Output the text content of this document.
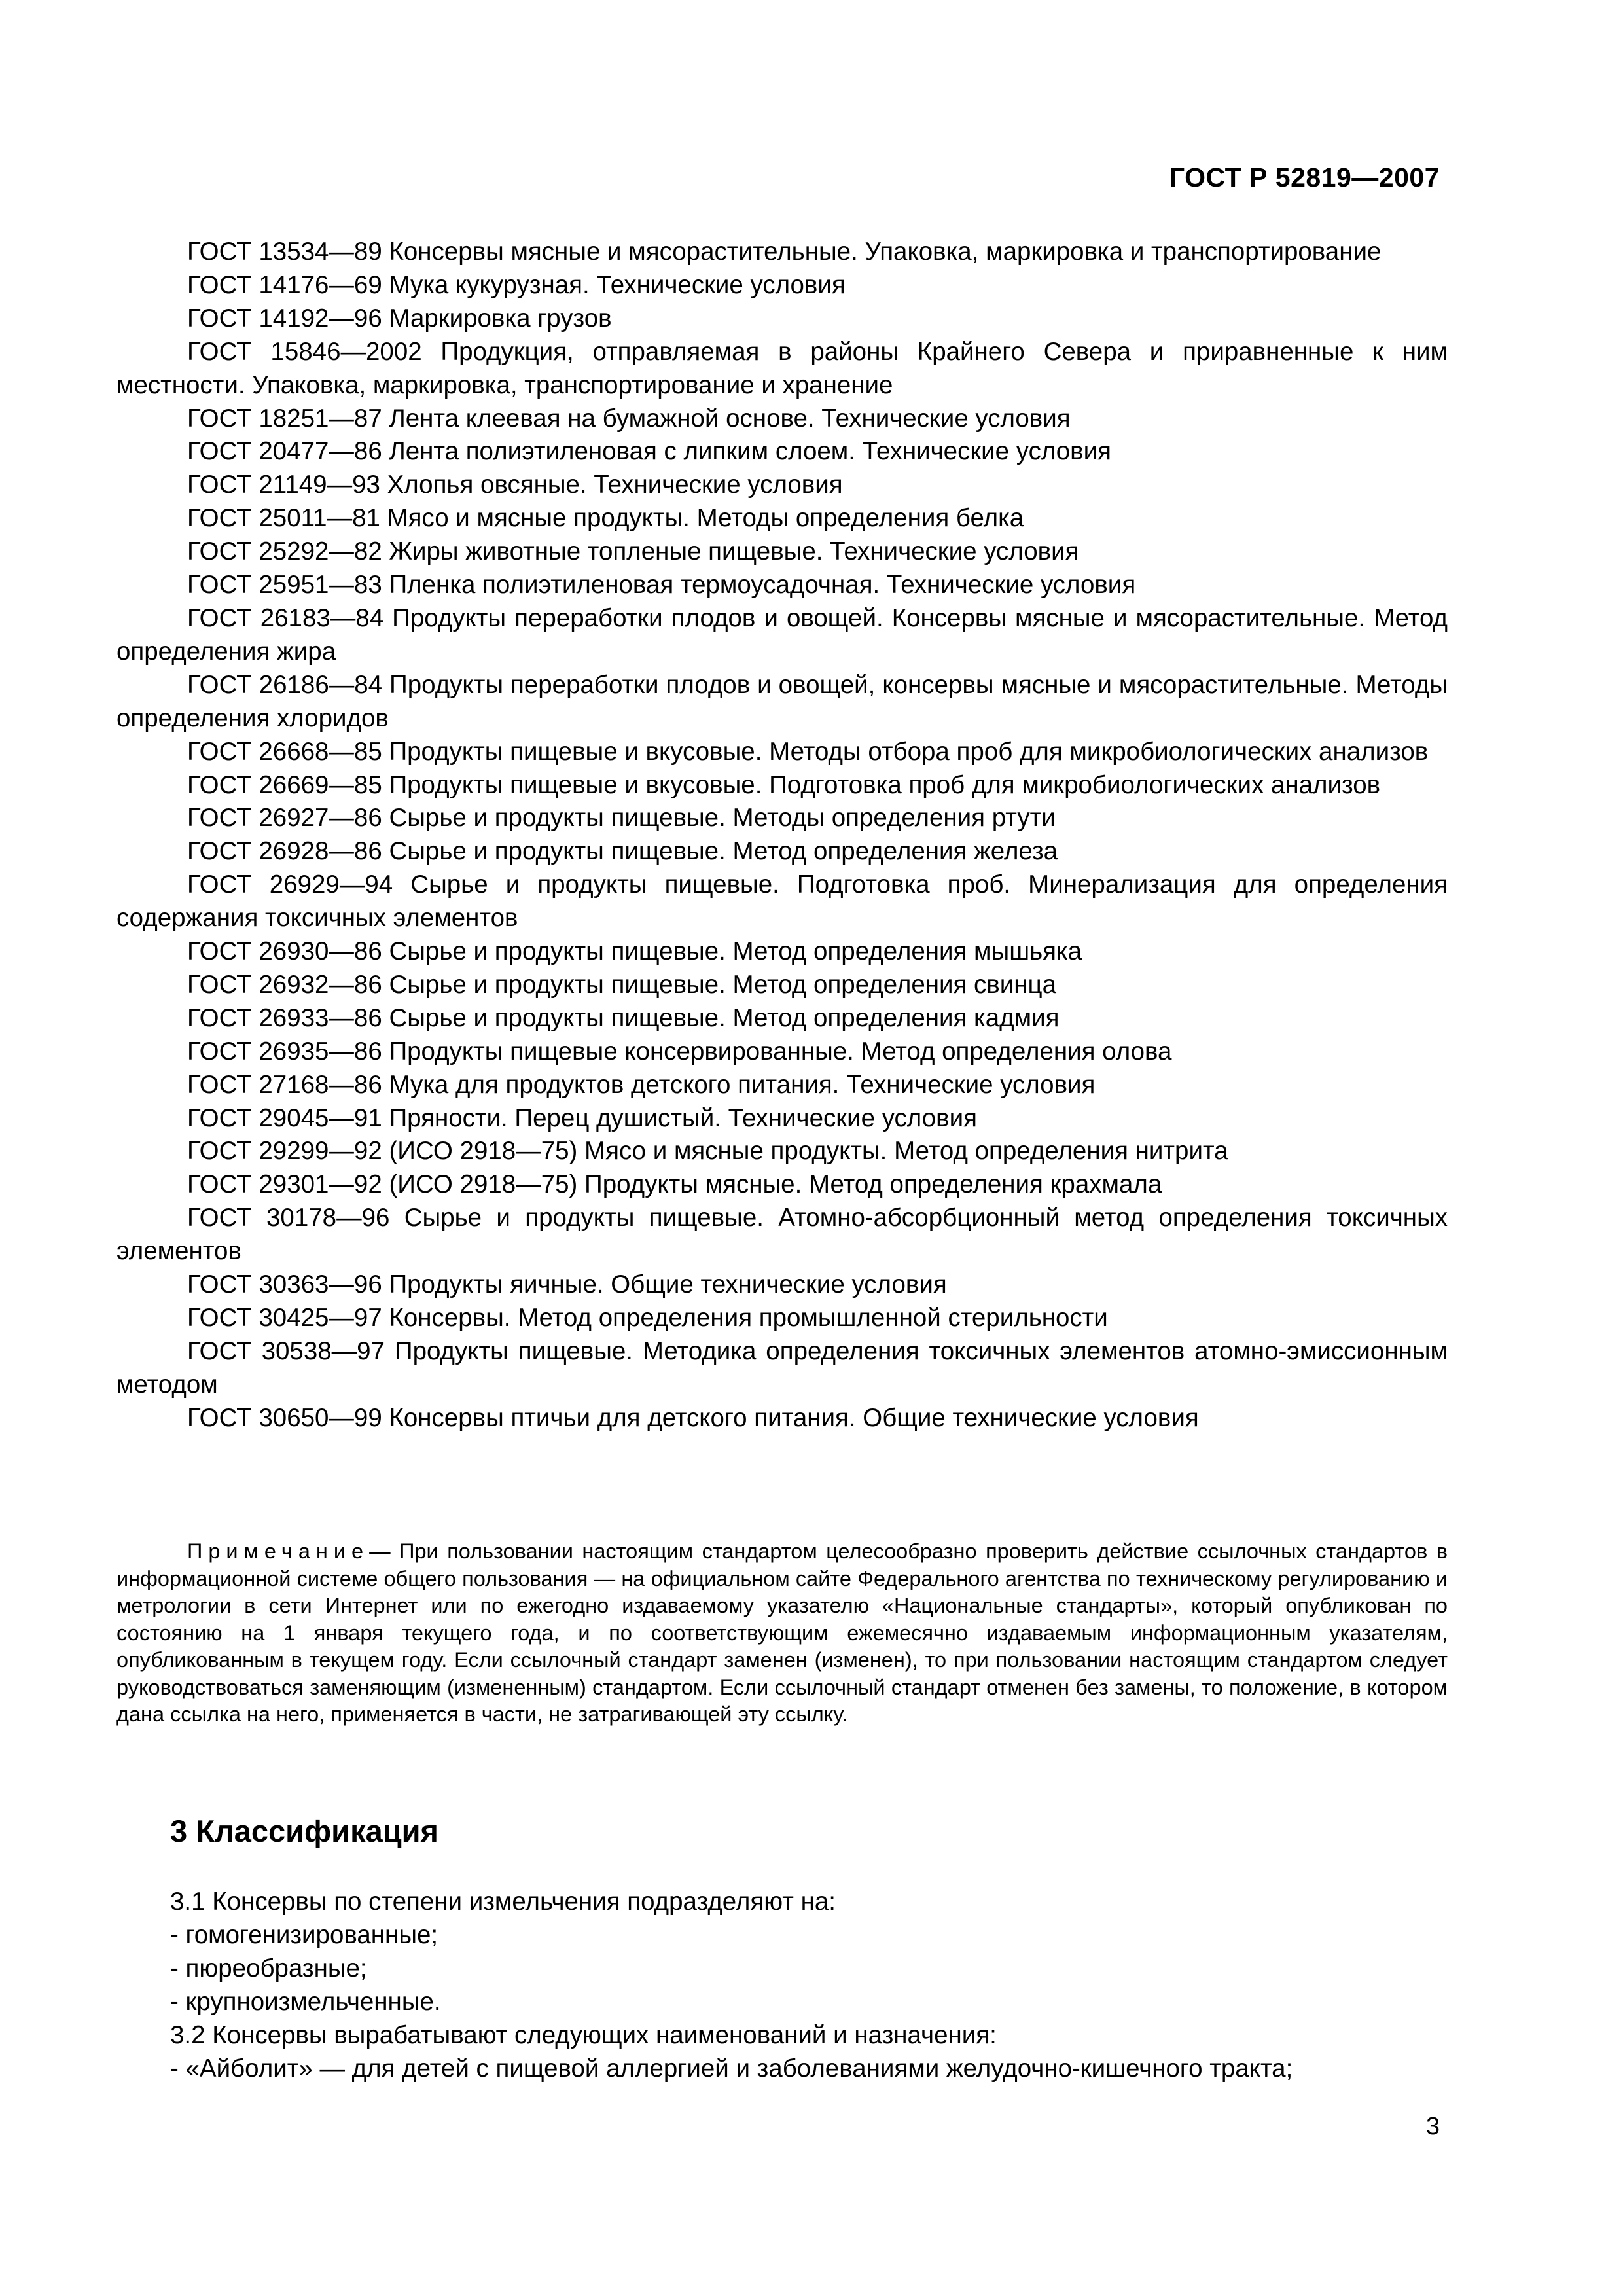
ГОСТ Р 52819—2007

ГОСТ 13534—89 Консервы мясные и мясорастительные. Упаковка, маркировка и транспортирование

ГОСТ 14176—69 Мука кукурузная. Технические условия

ГОСТ 14192—96 Маркировка грузов

ГОСТ 15846—2002 Продукция, отправляемая в районы Крайнего Севера и приравненные к ним местности. Упаковка, маркировка, транспортирование и хранение

ГОСТ 18251—87 Лента клеевая на бумажной основе. Технические условия

ГОСТ 20477—86 Лента полиэтиленовая с липким слоем. Технические условия

ГОСТ 21149—93 Хлопья овсяные. Технические условия

ГОСТ 25011—81 Мясо и мясные продукты. Методы определения белка

ГОСТ 25292—82 Жиры животные топленые пищевые. Технические условия

ГОСТ 25951—83 Пленка полиэтиленовая термоусадочная. Технические условия

ГОСТ 26183—84 Продукты переработки плодов и овощей. Консервы мясные и мясорастительные. Метод определения жира

ГОСТ 26186—84 Продукты переработки плодов и овощей, консервы мясные и мясорастительные. Методы определения хлоридов

ГОСТ 26668—85 Продукты пищевые и вкусовые. Методы отбора проб для микробиологических анализов

ГОСТ 26669—85 Продукты пищевые и вкусовые. Подготовка проб для микробиологических анализов

ГОСТ 26927—86 Сырье и продукты пищевые. Методы определения ртути

ГОСТ 26928—86 Сырье и продукты пищевые. Метод определения железа

ГОСТ 26929—94 Сырье и продукты пищевые. Подготовка проб. Минерализация для определения содержания токсичных элементов

ГОСТ 26930—86 Сырье и продукты пищевые. Метод определения мышьяка

ГОСТ 26932—86 Сырье и продукты пищевые. Метод определения свинца

ГОСТ 26933—86 Сырье и продукты пищевые. Метод определения кадмия

ГОСТ 26935—86 Продукты пищевые консервированные. Метод определения олова

ГОСТ 27168—86 Мука для продуктов детского питания. Технические условия

ГОСТ 29045—91 Пряности. Перец душистый. Технические условия

ГОСТ 29299—92 (ИСО 2918—75) Мясо и мясные продукты. Метод определения нитрита

ГОСТ 29301—92 (ИСО 2918—75) Продукты мясные. Метод определения крахмала

ГОСТ 30178—96 Сырье и продукты пищевые. Атомно-абсорбционный метод определения токсичных элементов

ГОСТ 30363—96 Продукты яичные. Общие технические условия

ГОСТ 30425—97 Консервы. Метод определения промышленной стерильности

ГОСТ 30538—97 Продукты пищевые. Методика определения токсичных элементов атомно-эмиссионным методом

ГОСТ 30650—99 Консервы птичьи для детского питания. Общие технические условия

Примечание— При пользовании настоящим стандартом целесообразно проверить действие ссылочных стандартов в информационной системе общего пользования — на официальном сайте Федерального агентства по техническому регулированию и метрологии в сети Интернет или по ежегодно издаваемому указателю «Национальные стандарты», который опубликован по состоянию на 1 января текущего года, и по соответствующим ежемесячно издаваемым информационным указателям, опубликованным в текущем году. Если ссылочный стандарт заменен (изменен), то при пользовании настоящим стандартом следует руководствоваться заменяющим (измененным) стандартом. Если ссылочный стандарт отменен без замены, то положение, в котором дана ссылка на него, применяется в части, не затрагивающей эту ссылку.

3 Классификация

3.1 Консервы по степени измельчения подразделяют на:

- гомогенизированные;

- пюреобразные;

- крупноизмельченные.

3.2 Консервы вырабатывают следующих наименований и назначения:

- «Айболит» — для детей с пищевой аллергией и заболеваниями желудочно-кишечного тракта;

3
